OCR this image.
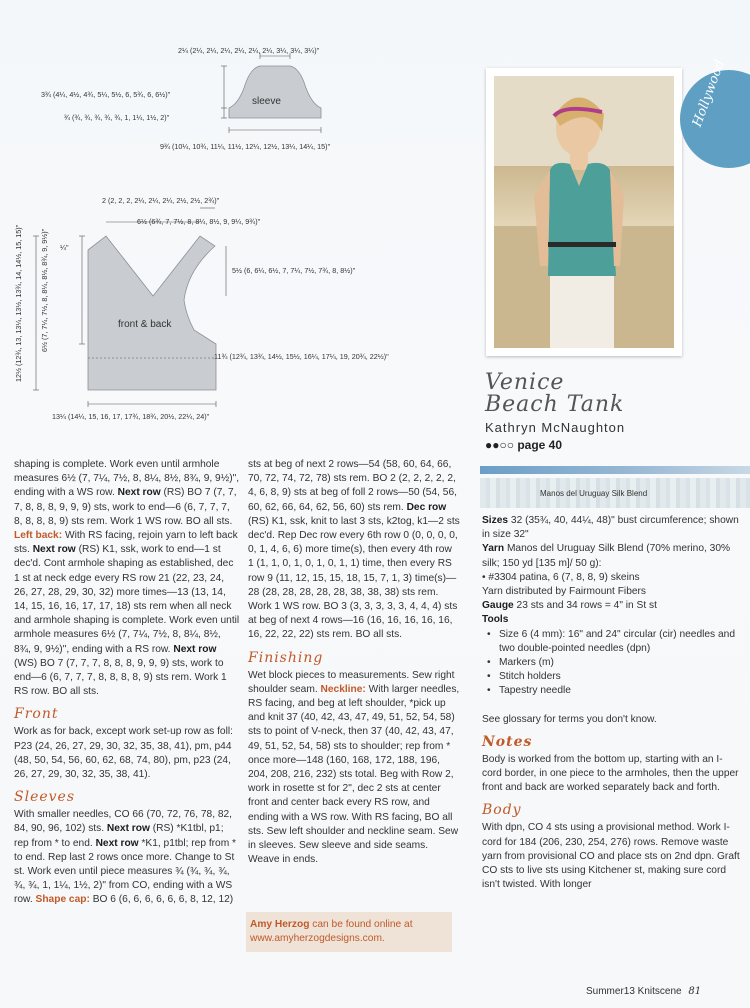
2¼ (2¼, 2¼, 2¼, 2¼, 2¼, 2¼, 3¼, 3¼, 3¼)"
3¾ (4¼, 4½, 4¾, 5¼, 5½, 6, 5¾, 6, 6½)"
sleeve
¾ (¾, ¾, ¾, ¾, ¾, 1, 1¼, 1½, 2)"
9¾ (10¼, 10¾, 11¼, 11½, 12¼, 12½, 13¼, 14¼, 15)"
2 (2, 2, 2, 2¼, 2¼, 2¼, 2½, 2½, 2¾)"
6½ (6¾, 7, 7½, 8, 8¼, 8½, 9, 9¼, 9¾)"
¼"
5½ (6, 6¼, 6½, 7, 7¼, 7½, 7¾, 8, 8½)"
front & back
6½ (7, 7¼, 7½, 8, 8¼, 8½, 8¾, 9, 9½)"
12½ (12¾, 13, 13¼, 13½, 13¾, 14, 14½, 15, 15)"	11¾ (12¾, 13¾, 14½, 15½, 16¼, 17¼, 19, 20¾, 22½)"
13¼ (14¼, 15, 16, 17, 17¾, 18¾, 20½, 22¼, 24)"

shaping is complete. Work even until armhole measures 6½ (7, 7¼, 7½, 8, 8¼, 8½, 8¾, 9, 9½)", ending with a WS row. Next row (RS) BO 7 (7, 7, 7, 8, 8, 8, 9, 9, 9) sts, work to end—6 (6, 7, 7, 7, 8, 8, 8, 8, 9) sts rem. Work 1 WS row. BO all sts. Left back: With RS facing, rejoin yarn to left back sts. Next row (RS) K1, ssk, work to end—1 st dec'd. Cont armhole shaping as established, dec 1 st at neck edge every RS row 21 (22, 23, 24, 26, 27, 28, 29, 30, 32) more times—13 (13, 14, 14, 15, 16, 16, 17, 17, 18) sts rem when all neck and armhole shaping is complete. Work even until armhole measures 6½ (7, 7¼, 7½, 8, 8¼, 8½, 8¾, 9, 9½)", ending with a RS row. Next row (WS) BO 7 (7, 7, 7, 8, 8, 8, 9, 9, 9) sts, work to end—6 (6, 7, 7, 7, 8, 8, 8, 8, 9) sts rem. Work 1 RS row. BO all sts.

Front

Work as for back, except work set-up row as foll: P23 (24, 26, 27, 29, 30, 32, 35, 38, 41), pm, p44 (48, 50, 54, 56, 60, 62, 68, 74, 80), pm, p23 (24, 26, 27, 29, 30, 32, 35, 38, 41).

Sleeves

With smaller needles, CO 66 (70, 72, 76, 78, 82, 84, 90, 96, 102) sts. Next row (RS) *K1tbl, p1; rep from * to end. Next row *K1, p1tbl; rep from * to end. Rep last 2 rows once more. Change to St st. Work even until piece measures ¾ (¾, ¾, ¾, ¾, ¾, 1, 1¼, 1½, 2)" from CO, ending with a WS row. Shape cap: BO 6 (6, 6, 6, 6, 6, 6, 8, 12, 12)

sts at beg of next 2 rows—54 (58, 60, 64, 66, 70, 72, 74, 72, 78) sts rem. BO 2 (2, 2, 2, 2, 2, 4, 6, 8, 9) sts at beg of foll 2 rows—50 (54, 56, 60, 62, 66, 64, 62, 56, 60) sts rem. Dec row (RS) K1, ssk, knit to last 3 sts, k2tog, k1—2 sts dec'd. Rep Dec row every 6th row 0 (0, 0, 0, 0, 0, 1, 4, 6, 6) more time(s), then every 4th row 1 (1, 1, 0, 1, 0, 1, 0, 1, 1) time, then every RS row 9 (11, 12, 15, 15, 18, 15, 7, 1, 3) time(s)—28 (28, 28, 28, 28, 28, 38, 38, 38) sts rem. Work 1 WS row. BO 3 (3, 3, 3, 3, 3, 4, 4, 4) sts at beg of next 4 rows—16 (16, 16, 16, 16, 16, 16, 22, 22, 22) sts rem. BO all sts.

Finishing

Wet block pieces to measurements. Sew right shoulder seam. Neckline: With larger needles, RS facing, and beg at left shoulder, *pick up and knit 37 (40, 42, 43, 47, 49, 51, 52, 54, 58) sts to point of V-neck, then 37 (40, 42, 43, 47, 49, 51, 52, 54, 58) sts to shoulder; rep from * once more—148 (160, 168, 172, 188, 196, 204, 208, 216, 232) sts total. Beg with Row 2, work in rosette st for 2", dec 2 sts at center front and center back every RS row, and ending with a WS row. With RS facing, BO all sts. Sew left shoulder and neckline seam. Sew in sleeves. Sew sleeve and side seams. Weave in ends.

Amy Herzog can be found online at
www.amyherzogdesigns.com.
Hollywood
Venice
Beach Tank
Kathryn McNaughton
●●○○ page 40
Manos del Uruguay Silk Blend

Sizes 32 (35¾, 40, 44¼, 48)" bust circumference; shown in size 32"

Yarn Manos del Uruguay Silk Blend (70% merino, 30% silk; 150 yd [135 m]/ 50 g):

• #3304 patina, 6 (7, 8, 8, 9) skeins

Yarn distributed by Fairmount Fibers

Gauge 23 sts and 34 rows = 4" in St st

Tools

• Size 6 (4 mm): 16" and 24" circular (cir) needles and two double-pointed needles (dpn)
• Markers (m)
• Stitch holders
• Tapestry needle

See glossary for terms you don't know.

Notes

Body is worked from the bottom up, starting with an I-cord border, in one piece to the armholes, then the upper front and back are worked separately back and forth.

Body

With dpn, CO 4 sts using a provisional method. Work I-cord for 184 (206, 230, 254, 276) rows. Remove waste yarn from provisional CO and place sts on 2nd dpn. Graft CO sts to live sts using Kitchener st, making sure cord isn't twisted. With longer

Summer13 Knitscene 81
